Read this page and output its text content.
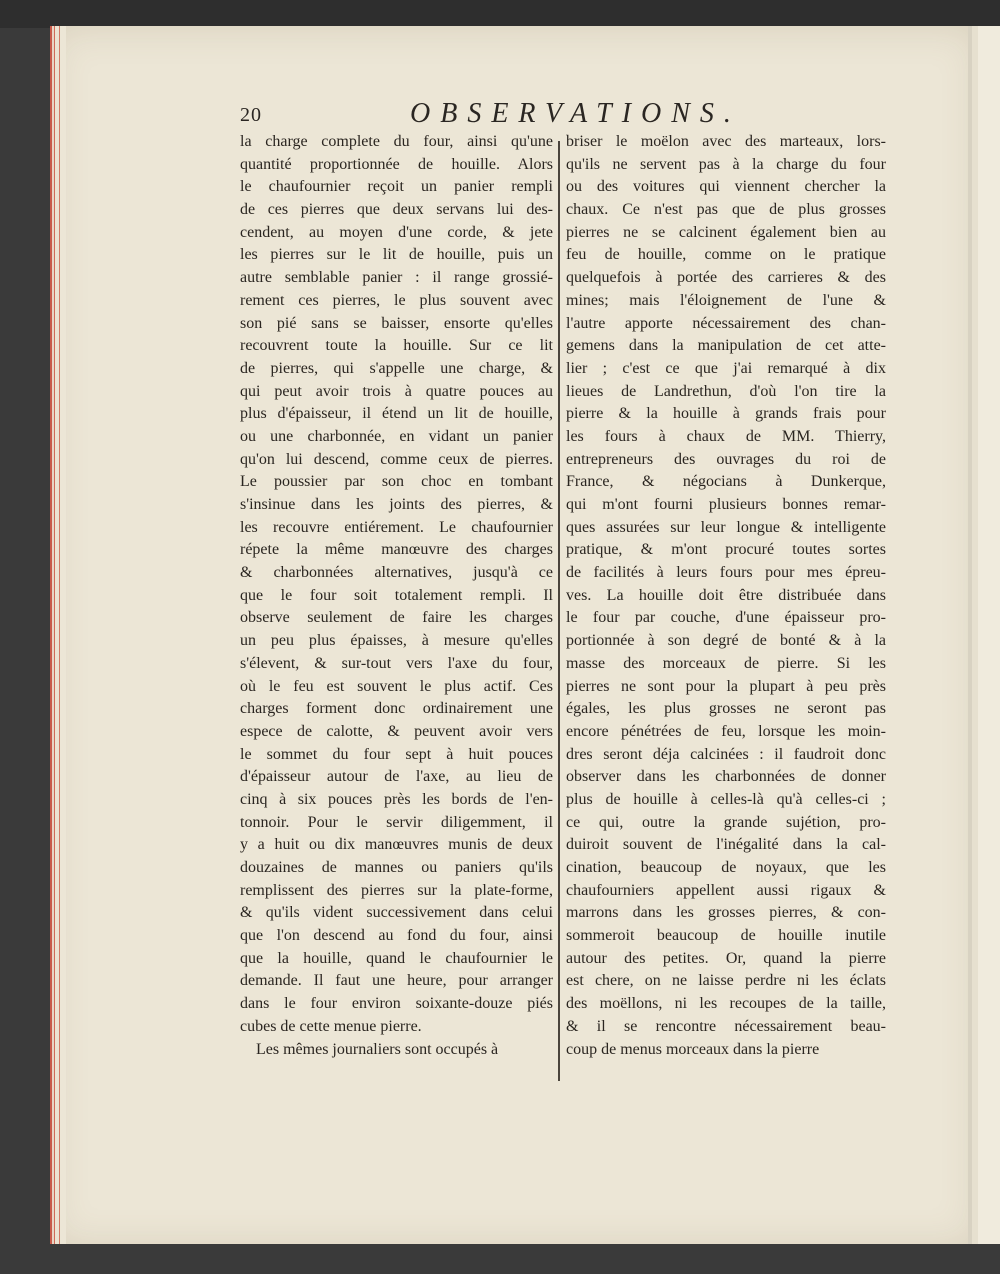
20	OBSERVATIONS.
la charge complete du four, ainsi qu'une
quantité proportionnée de houille. Alors
le chaufournier reçoit un panier rempli
de ces pierres que deux servans lui des-
cendent, au moyen d'une corde, & jete
les pierres sur le lit de houille, puis un
autre semblable panier : il range grossié-
rement ces pierres, le plus souvent avec
son pié sans se baisser, ensorte qu'elles
recouvrent toute la houille. Sur ce lit
de pierres, qui s'appelle une charge, &
qui peut avoir trois à quatre pouces au
plus d'épaisseur, il étend un lit de houille,
ou une charbonnée, en vidant un panier
qu'on lui descend, comme ceux de pierres.
Le poussier par son choc en tombant
s'insinue dans les joints des pierres, &
les recouvre entiérement. Le chaufournier
répete la même manœuvre des charges
& charbonnées alternatives, jusqu'à ce
que le four soit totalement rempli. Il
observe seulement de faire les charges
un peu plus épaisses, à mesure qu'elles
s'élevent, & sur-tout vers l'axe du four,
où le feu est souvent le plus actif. Ces
charges forment donc ordinairement une
espece de calotte, & peuvent avoir vers
le sommet du four sept à huit pouces
d'épaisseur autour de l'axe, au lieu de
cinq à six pouces près les bords de l'en-
tonnoir. Pour le servir diligemment, il
y a huit ou dix manœuvres munis de deux
douzaines de mannes ou paniers qu'ils
remplissent des pierres sur la plate-forme,
& qu'ils vident successivement dans celui
que l'on descend au fond du four, ainsi
que la houille, quand le chaufournier le
demande. Il faut une heure, pour arranger
dans le four environ soixante-douze piés
cubes de cette menue pierre.
Les mêmes journaliers sont occupés à
briser le moëlon avec des marteaux, lors-
qu'ils ne servent pas à la charge du four
ou des voitures qui viennent chercher la
chaux. Ce n'est pas que de plus grosses
pierres ne se calcinent également bien au
feu de houille, comme on le pratique
quelquefois à portée des carrieres & des
mines; mais l'éloignement de l'une &
l'autre apporte nécessairement des chan-
gemens dans la manipulation de cet atte-
lier ; c'est ce que j'ai remarqué à dix
lieues de Landrethun, d'où l'on tire la
pierre & la houille à grands frais pour
les fours à chaux de MM. Thierry,
entrepreneurs des ouvrages du roi de
France, & négocians à Dunkerque,
qui m'ont fourni plusieurs bonnes remar-
ques assurées sur leur longue & intelligente
pratique, & m'ont procuré toutes sortes
de facilités à leurs fours pour mes épreu-
ves. La houille doit être distribuée dans
le four par couche, d'une épaisseur pro-
portionnée à son degré de bonté & à la
masse des morceaux de pierre. Si les
pierres ne sont pour la plupart à peu près
égales, les plus grosses ne seront pas
encore pénétrées de feu, lorsque les moin-
dres seront déja calcinées : il faudroit donc
observer dans les charbonnées de donner
plus de houille à celles-là qu'à celles-ci ;
ce qui, outre la grande sujétion, pro-
duiroit souvent de l'inégalité dans la cal-
cination, beaucoup de noyaux, que les
chaufourniers appellent aussi rigaux &
marrons dans les grosses pierres, & con-
sommeroit beaucoup de houille inutile
autour des petites. Or, quand la pierre
est chere, on ne laisse perdre ni les éclats
des moëllons, ni les recoupes de la taille,
& il se rencontre nécessairement beau-
coup de menus morceaux dans la pierre
